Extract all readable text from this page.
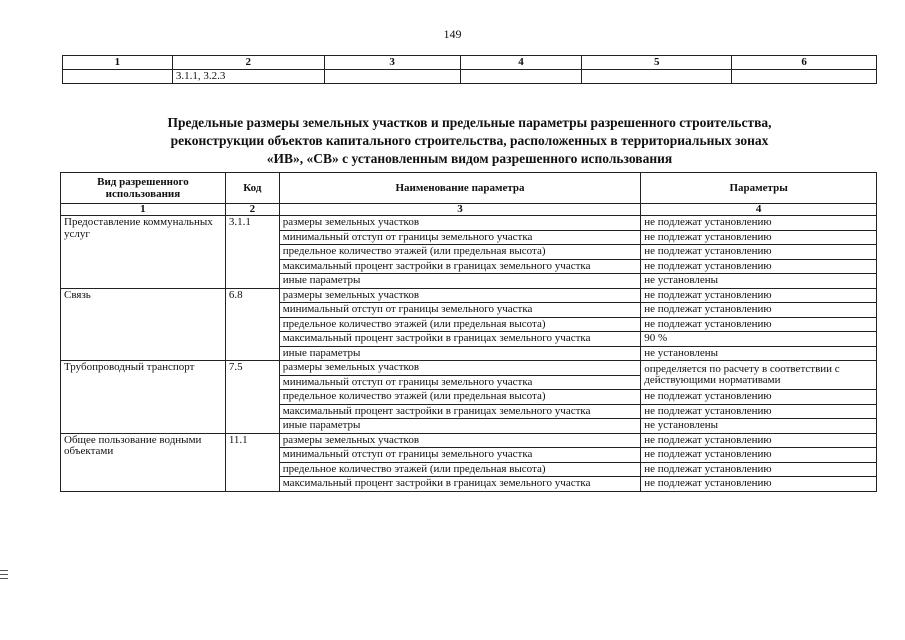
149
1	2	3	4	5	6
	3.1.1, 3.2.3				
Предельные размеры земельных участков и предельные параметры разрешенного строительства,
реконструкции объектов капитального строительства, расположенных в территориальных зонах
«ИВ», «СВ» с установленным видом разрешенного использования
Вид разрешенного использования	Код	Наименование параметра	Параметры
1	2	3	4
Предоставление коммунальных услуг	3.1.1	размеры земельных участков	не подлежат установлению
		минимальный отступ от границы земельного участка	не подлежат установлению
		предельное количество этажей (или предельная высота)	не подлежат установлению
		максимальный процент застройки в границах земельного участка	не подлежат установлению
		иные параметры	не установлены
Связь	6.8	размеры земельных участков	не подлежат установлению
		минимальный отступ от границы земельного участка	не подлежат установлению
		предельное количество этажей (или предельная высота)	не подлежат установлению
		максимальный процент застройки в границах земельного участка	90 %
		иные параметры	не установлены
Трубопроводный транспорт	7.5	размеры земельных участков	определяется по расчету в соответствии с действующими нормативами
		минимальный отступ от границы земельного участка	
		предельное количество этажей (или предельная высота)	не подлежат установлению
		максимальный процент застройки в границах земельного участка	не подлежат установлению
		иные параметры	не установлены
Общее пользование водными объектами	11.1	размеры земельных участков	не подлежат установлению
		минимальный отступ от границы земельного участка	не подлежат установлению
		предельное количество этажей (или предельная высота)	не подлежат установлению
		максимальный процент застройки в границах земельного участка	не подлежат установлению
